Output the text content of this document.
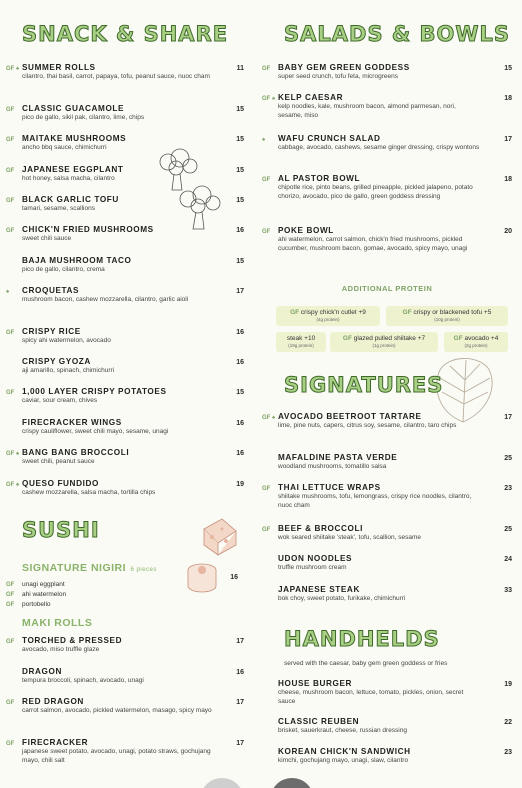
SNACK & SHARE
GF ♠ SUMMER ROLLS	11
cilantro, thai basil, carrot, papaya, tofu, peanut sauce, nuoc cham
GF CLASSIC GUACAMOLE	15
pico de gallo, sikil pak, cilantro, lime, chips
GF MAITAKE MUSHROOMS	15
ancho bbq sauce, chimichurri
GF JAPANESE EGGPLANT	15
hot honey, salsa macha, cilantro
GF BLACK GARLIC TOFU	15
tamari, sesame, scallions
GF CHICK'N FRIED MUSHROOMS	16
sweet chili sauce
BAJA MUSHROOM TACO	15
pico de gallo, cilantro, crema
♠	CROQUETAS	17
mushroom bacon, cashew mozzarella, cilantro, garlic aioli
GF CRISPY RICE	16
spicy ahi watermelon, avocado
CRISPY GYOZA	16
aji amarillo, spinach, chimichurri
GF 1,000 LAYER CRISPY POTATOES	15
caviar, sour cream, chives
FIRECRACKER WINGS	16
crispy cauliflower, sweet chili mayo, sesame, unagi
GF ♠ BANG BANG BROCCOLI	16
sweet chili, peanut sauce
GF ♠ QUESO FUNDIDO	19
cashew mozzarella, salsa macha, tortilla chips
SUSHI
SIGNATURE NIGIRI 6 pieces
GF unagi eggplant
GF ahi watermelon
GF portobello
16
MAKI ROLLS
GF TORCHED & PRESSED	17
avocado, miso truffle glaze
DRAGON	16
tempura broccoli, spinach, avocado, unagi
GF RED DRAGON	17
carrot salmon, avocado, pickled watermelon, masago, spicy mayo
GF FIRECRACKER	17
japanese sweet potato, avocado, unagi, potato straws, gochujang mayo, chili salt
SALADS & BOWLS
GF BABY GEM GREEN GODDESS	15
super seed crunch, tofu feta, microgreens
GF ♠ KELP CAESAR	18
kelp noodles, kale, mushroom bacon, almond parmesan, nori, sesame, miso
♠	WAFU CRUNCH SALAD	17
cabbage, avocado, cashews, sesame ginger dressing, crispy wontons
GF AL PASTOR BOWL	18
chipotle rice, pinto beans, grilled pineapple, pickled jalapeno, potato chorizo, avocado, pico de gallo, green goddess dressing
GF POKE BOWL	20
ahi watermelon, carrot salmon, chick'n fried mushrooms, pickled cucumber, mushroom bacon, gomae, avocado, spicy mayo, unagi
ADDITIONAL PROTEIN
GF crispy chick'n cutlet +9
(4g protein)
GF crispy or blackened tofu +5
(10g protein)
steak +10
(19g protein)
GF glazed pulled shiitake +7
(1g protein)
GF avocado +4
(2g protein)
SIGNATURES
GF ♠ AVOCADO BEETROOT TARTARE	17
lime, pine nuts, capers, citrus soy, sesame, cilantro, taro chips
MAFALDINE PASTA VERDE	25
woodland mushrooms, tomatillo salsa
GF THAI LETTUCE WRAPS	23
shiitake mushrooms, tofu, lemongrass, crispy rice noodles, cilantro, nuoc cham
GF BEEF & BROCCOLI	25
wok seared shiitake 'steak', tofu, scallion, sesame
UDON NOODLES	24
truffle mushroom cream
JAPANESE STEAK	33
bok choy, sweet potato, furikake, chimichurri
HANDHELDS
served with the caesar, baby gem green goddess or fries
HOUSE BURGER	19
cheese, mushroom bacon, lettuce, tomato, pickles, onion, secret sauce
CLASSIC REUBEN	22
brisket, sauerkraut, cheese, russian dressing
KOREAN CHICK'N SANDWICH	23
kimchi, gochujang mayo, unagi, slaw, cilantro
